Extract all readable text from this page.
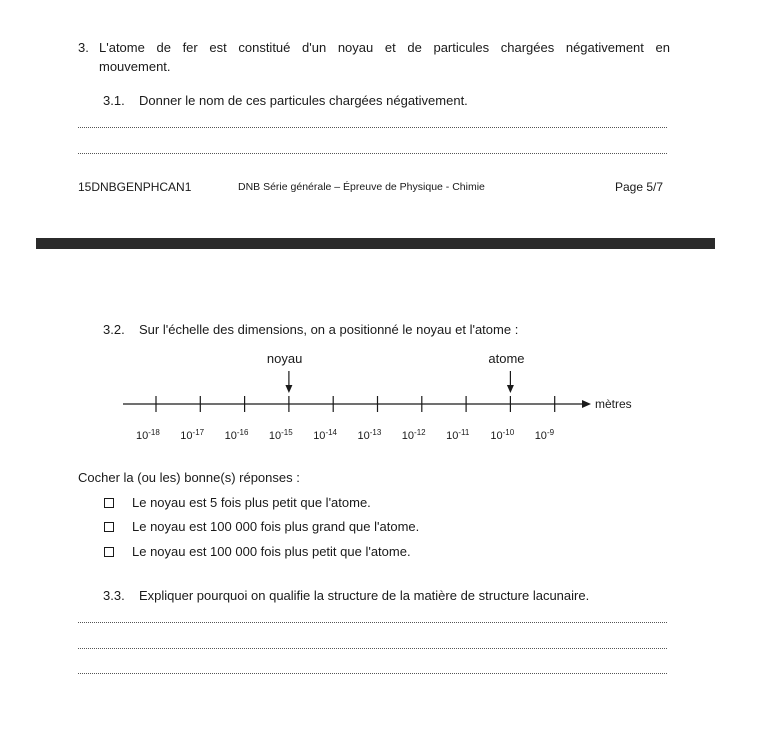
3. L'atome de fer est constitué d'un noyau et de particules chargées négativement en
mouvement.
3.1. Donner le nom de ces particules chargées négativement.
15DNBGENPHCAN1	DNB Série générale – Épreuve de Physique - Chimie	Page 5/7
3.2. Sur l'échelle des dimensions, on a positionné le noyau et l'atome :
mètres
$10^{-18}$ $10^{-17}$ $10^{-16}$ $10^{-15}$ $10^{-14}$ $10^{-13}$ $10^{-12}$ $10^{-11}$ $10^{-10}$ $10^{-9}$
noyau	atome
Cocher la (ou les) bonne(s) réponses :
Le noyau est 5 fois plus petit que l'atome.
Le noyau est 100 000 fois plus grand que l'atome.
Le noyau est 100 000 fois plus petit que l'atome.
3.3. Expliquer pourquoi on qualifie la structure de la matière de structure lacunaire.
